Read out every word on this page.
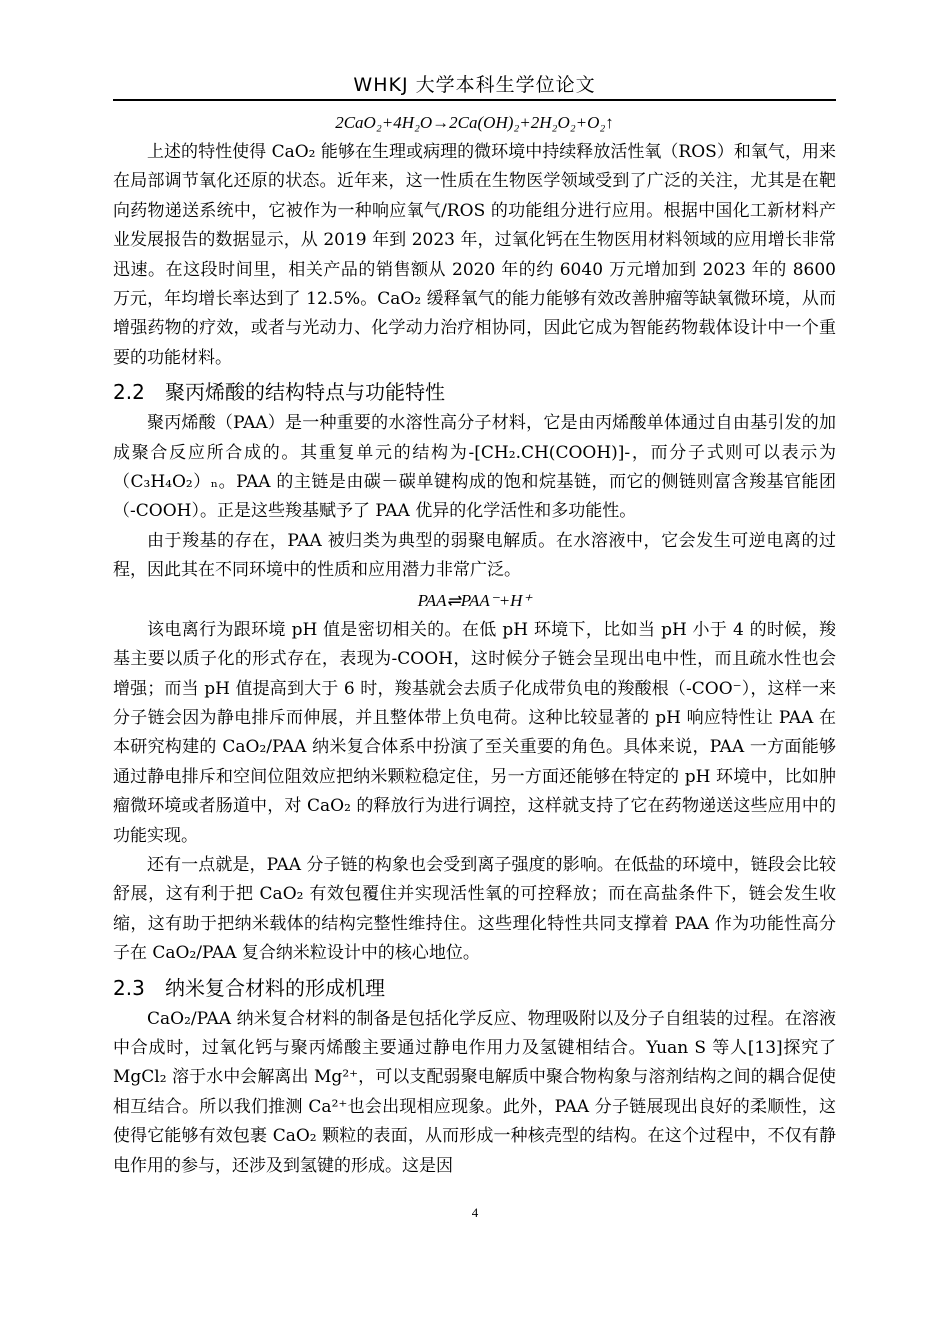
WHKJ 大学本科生学位论文
2CaO₂+4H₂O→2Ca(OH)₂+2H₂O₂+O₂↑

上述的特性使得 CaO₂ 能够在生理或病理的微环境中持续释放活性氧（ROS）和氧气，用来在局部调节氧化还原的状态。近年来，这一性质在生物医学领域受到了广泛的关注，尤其是在靶向药物递送系统中，它被作为一种响应氧气/ROS 的功能组分进行应用。根据中国化工新材料产业发展报告的数据显示，从 2019 年到 2023 年，过氧化钙在生物医用材料领域的应用增长非常迅速。在这段时间里，相关产品的销售额从 2020 年的约 6040 万元增加到 2023 年的 8600 万元，年均增长率达到了 12.5%。CaO₂ 缓释氧气的能力能够有效改善肿瘤等缺氧微环境，从而增强药物的疗效，或者与光动力、化学动力治疗相协同，因此它成为智能药物载体设计中一个重要的功能材料。

2.2 聚丙烯酸的结构特点与功能特性

聚丙烯酸（PAA）是一种重要的水溶性高分子材料，它是由丙烯酸单体通过自由基引发的加成聚合反应所合成的。其重复单元的结构为-[CH₂.CH(COOH)]-，而分子式则可以表示为（C₃H₄O₂）ₙ。PAA 的主链是由碳－碳单键构成的饱和烷基链，而它的侧链则富含羧基官能团（-COOH）。正是这些羧基赋予了 PAA 优异的化学活性和多功能性。

由于羧基的存在，PAA 被归类为典型的弱聚电解质。在水溶液中，它会发生可逆电离的过程，因此其在不同环境中的性质和应用潜力非常广泛。

PAA⇌PAA⁻+H⁺

该电离行为跟环境 pH 值是密切相关的。在低 pH 环境下，比如当 pH 小于 4 的时候，羧基主要以质子化的形式存在，表现为-COOH，这时候分子链会呈现出电中性，而且疏水性也会增强；而当 pH 值提高到大于 6 时，羧基就会去质子化成带负电的羧酸根（-COO⁻），这样一来分子链会因为静电排斥而伸展，并且整体带上负电荷。这种比较显著的 pH 响应特性让 PAA 在本研究构建的 CaO₂/PAA 纳米复合体系中扮演了至关重要的角色。具体来说，PAA 一方面能够通过静电排斥和空间位阻效应把纳米颗粒稳定住，另一方面还能够在特定的 pH 环境中，比如肿瘤微环境或者肠道中，对 CaO₂ 的释放行为进行调控，这样就支持了它在药物递送这些应用中的功能实现。

还有一点就是，PAA 分子链的构象也会受到离子强度的影响。在低盐的环境中，链段会比较舒展，这有利于把 CaO₂ 有效包覆住并实现活性氧的可控释放；而在高盐条件下，链会发生收缩，这有助于把纳米载体的结构完整性维持住。这些理化特性共同支撑着 PAA 作为功能性高分子在 CaO₂/PAA 复合纳米粒设计中的核心地位。

2.3 纳米复合材料的形成机理

CaO₂/PAA 纳米复合材料的制备是包括化学反应、物理吸附以及分子自组装的过程。在溶液中合成时，过氧化钙与聚丙烯酸主要通过静电作用力及氢键相结合。Yuan S 等人[13]探究了 MgCl₂ 溶于水中会解离出 Mg²⁺，可以支配弱聚电解质中聚合物构象与溶剂结构之间的耦合促使相互结合。所以我们推测 Ca²⁺也会出现相应现象。此外，PAA 分子链展现出良好的柔顺性，这使得它能够有效包裹 CaO₂ 颗粒的表面，从而形成一种核壳型的结构。在这个过程中，不仅有静电作用的参与，还涉及到氢键的形成。这是因

4
